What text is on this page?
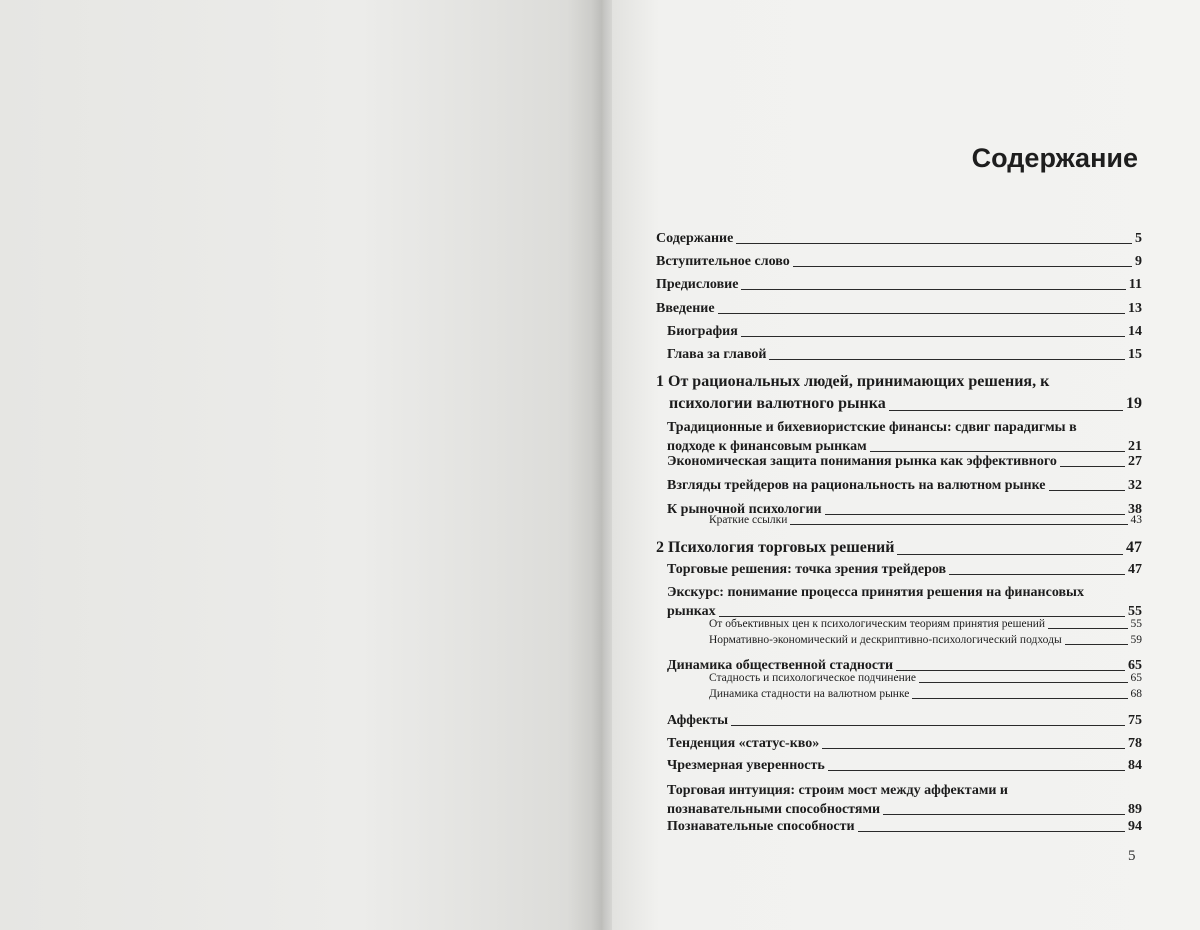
Содержание
Содержание	5
Вступительное слово	9
Предисловие	11
Введение	13
Биография	14
Глава за главой	15
1 От рациональных людей, принимающих решения, к
психологии валютного рынка	19
Традиционные и бихевиористские финансы: сдвиг парадигмы в
подходе к финансовым рынкам	21
Экономическая защита понимания рынка как эффективного	27
Взгляды трейдеров на рациональность на валютном рынке	32
К рыночной психологии	38
Краткие ссылки	43
2 Психология торговых решений	47
Торговые решения: точка зрения трейдеров	47
Экскурс: понимание процесса принятия решения на финансовых
рынках	55
От объективных цен к психологическим теориям принятия решений	55
Нормативно-экономический и дескриптивно-психологический подходы	59
Динамика общественной стадности	65
Стадность и психологическое подчинение	65
Динамика стадности на валютном рынке	68
Аффекты	75
Тенденция «статус-кво»	78
Чрезмерная уверенность	84
Торговая интуиция: строим мост между аффектами и
познавательными способностями	89
Познавательные способности	94
5
